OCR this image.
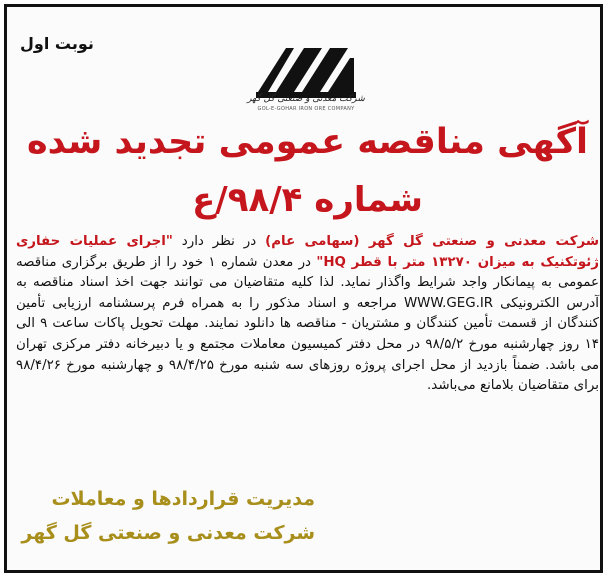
نوبت اول
شرکت معدنی و صنعتی گل گهر
GOL-E-GOHAR IRON ORE COMPANY
آگهی مناقصه عمومی تجدید شده
شماره ۹۸/۴/ع
شرکت معدنی و صنعتی گل گهر (سهامی عام) در نظر دارد "اجرای عملیات حفاری ژئوتکنیک به میزان ۱۳۲۷۰ متر با قطر HQ" در معدن شماره ۱ خود را از طریق برگزاری مناقصه عمومی به پیمانکار واجد شرایط واگذار نماید. لذا کلیه متقاضیان می توانند جهت اخذ اسناد مناقصه به آدرس الکترونیکی WWW.GEG.IR مراجعه و اسناد مذکور را به همراه فرم پرسشنامه ارزیابی تأمین کنندگان از قسمت تأمین کنندگان و مشتریان - مناقصه ها دانلود نمایند. مهلت تحویل پاکات ساعت ۹ الی ۱۴ روز چهارشنبه مورخ ۹۸/۵/۲ در محل دفتر کمیسیون معاملات مجتمع و یا دبیرخانه دفتر مرکزی تهران می باشد. ضمناً بازدید از محل اجرای پروژه روزهای سه شنبه مورخ ۹۸/۴/۲۵ و چهارشنبه مورخ ۹۸/۴/۲۶ برای متقاضیان بلامانع می‌باشد.
مدیریت قراردادها و معاملات
شرکت معدنی و صنعتی گل گهر
